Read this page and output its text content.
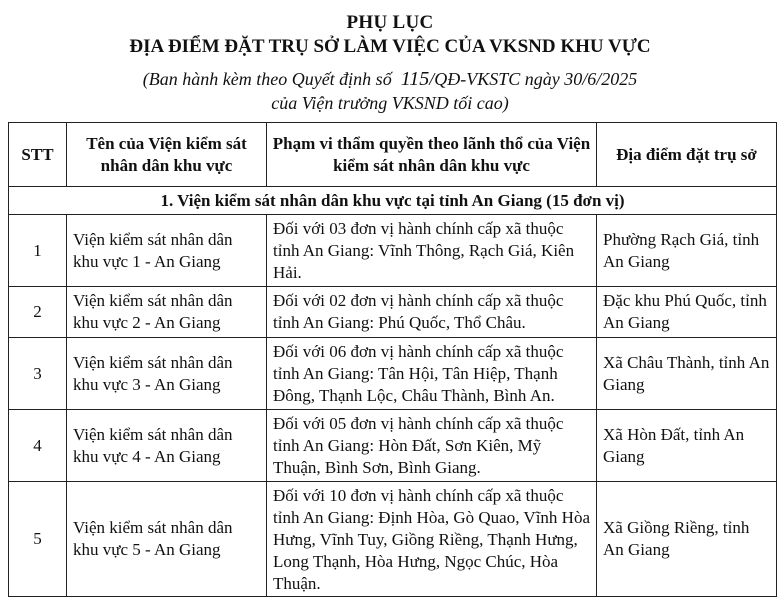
PHỤ LỤC
ĐỊA ĐIỂM ĐẶT TRỤ SỞ LÀM VIỆC CỦA VKSND KHU VỰC
(Ban hành kèm theo Quyết định số 115/QĐ-VKSTC ngày 30/6/2025
của Viện trưởng VKSND tối cao)
STT	Tên của Viện kiểm sát nhân dân khu vực	Phạm vi thẩm quyền theo lãnh thổ của Viện kiểm sát nhân dân khu vực	Địa điểm đặt trụ sở
1. Viện kiểm sát nhân dân khu vực tại tỉnh An Giang (15 đơn vị)			
1	Viện kiểm sát nhân dân khu vực 1 - An Giang	Đối với 03 đơn vị hành chính cấp xã thuộc tỉnh An Giang: Vĩnh Thông, Rạch Giá, Kiên Hải.	Phường Rạch Giá, tỉnh An Giang
2	Viện kiểm sát nhân dân khu vực 2 - An Giang	Đối với 02 đơn vị hành chính cấp xã thuộc tỉnh An Giang: Phú Quốc, Thổ Châu.	Đặc khu Phú Quốc, tỉnh An Giang
3	Viện kiểm sát nhân dân khu vực 3 - An Giang	Đối với 06 đơn vị hành chính cấp xã thuộc tỉnh An Giang: Tân Hội, Tân Hiệp, Thạnh Đông, Thạnh Lộc, Châu Thành, Bình An.	Xã Châu Thành, tỉnh An Giang
4	Viện kiểm sát nhân dân khu vực 4 - An Giang	Đối với 05 đơn vị hành chính cấp xã thuộc tỉnh An Giang: Hòn Đất, Sơn Kiên, Mỹ Thuận, Bình Sơn, Bình Giang.	Xã Hòn Đất, tỉnh An Giang
5	Viện kiểm sát nhân dân khu vực 5 - An Giang	Đối với 10 đơn vị hành chính cấp xã thuộc tỉnh An Giang: Định Hòa, Gò Quao, Vĩnh Hòa Hưng, Vĩnh Tuy, Giồng Riềng, Thạnh Hưng, Long Thạnh, Hòa Hưng, Ngọc Chúc, Hòa Thuận.	Xã Giồng Riềng, tỉnh An Giang
